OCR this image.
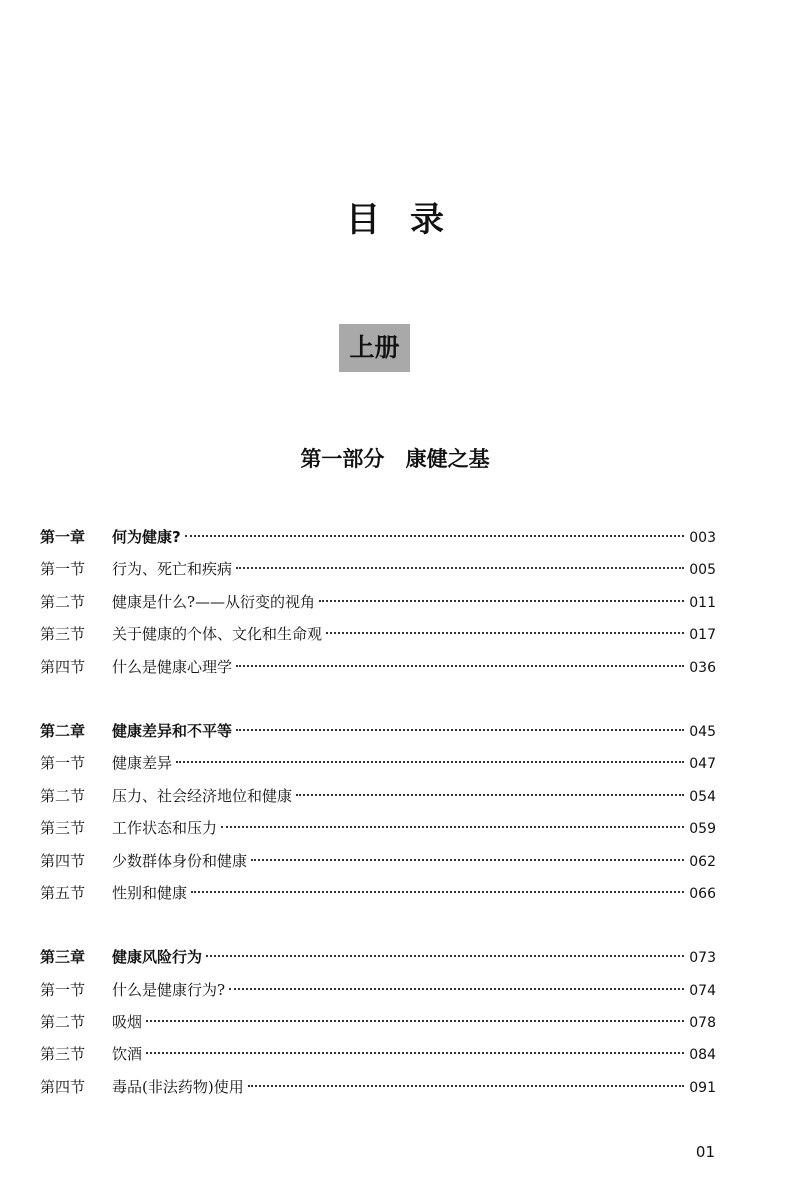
目录
上册
第一部分 康健之基
第一章	何为健康?	003
第一节	行为、死亡和疾病	005
第二节	健康是什么?——从衍变的视角	011
第三节	关于健康的个体、文化和生命观	017
第四节	什么是健康心理学	036
第二章	健康差异和不平等	045
第一节	健康差异	047
第二节	压力、社会经济地位和健康	054
第三节	工作状态和压力	059
第四节	少数群体身份和健康	062
第五节	性别和健康	066
第三章	健康风险行为	073
第一节	什么是健康行为?	074
第二节	吸烟	078
第三节	饮酒	084
第四节	毒品(非法药物)使用	091
01
